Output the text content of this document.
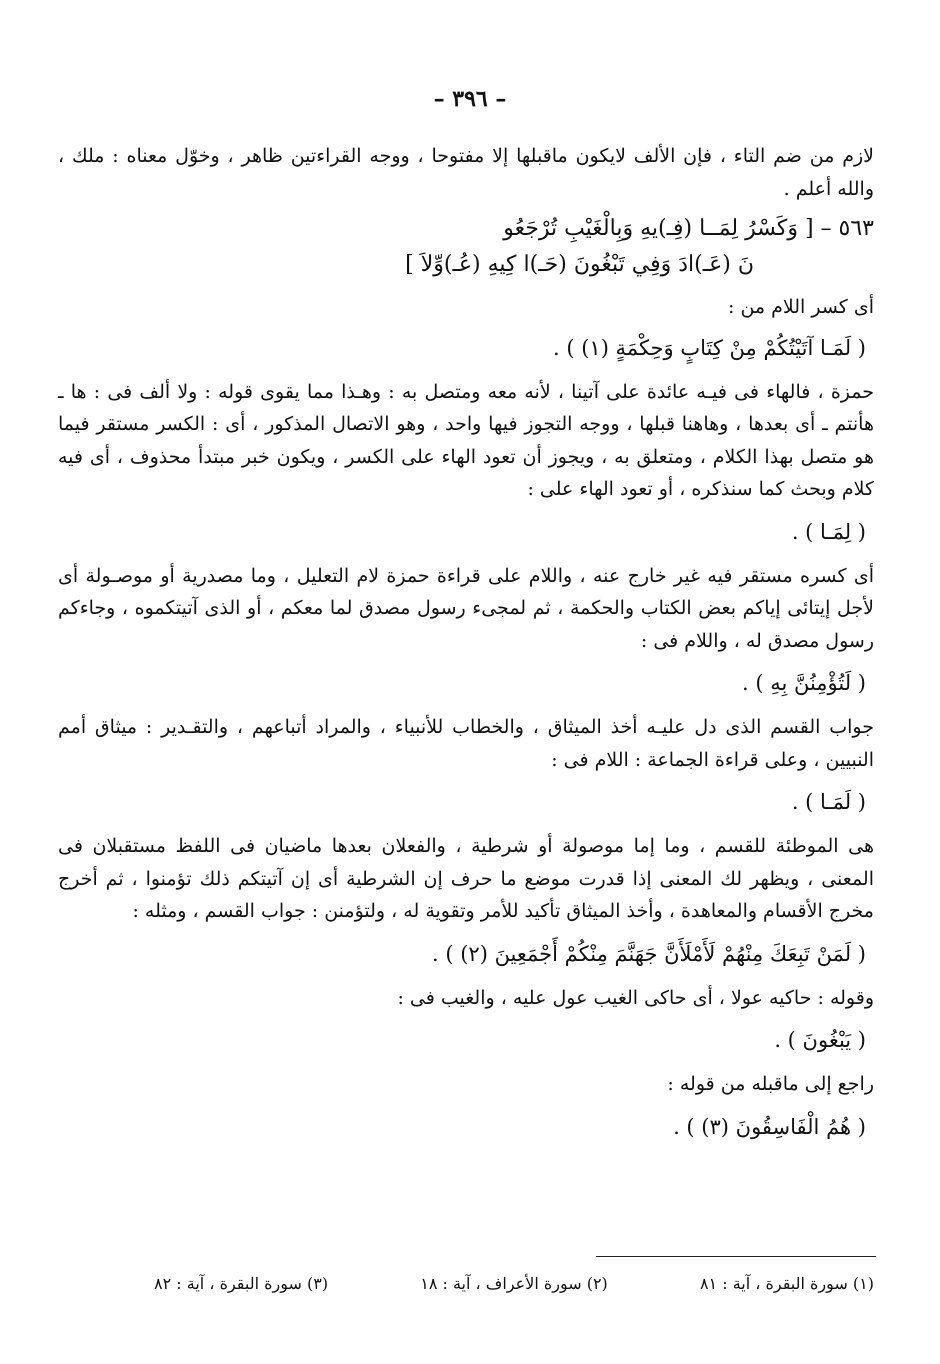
– ٣٩٦ –

لازم من ضم التاء ، فإن الألف لايكون ماقبلها إلا مفتوحا ، ووجه القراءتين ظاهر ، وخوّل معناه : ملك ، والله أعلم .

٥٦٣ – [ وَكَسْرُ لِمَــا (فِـ)يهِ وَبِالْغَيْبِ تُرْجَعُو
نَ (عَـ)ادَ وَفِي تَبْغُونَ (حَـ)ا كِيهِ (عُـ)وِّلاَ ]

أى كسر اللام من :

( لَمَـا آتَيْتُكُمْ مِنْ كِتَابٍ وَحِكْمَةٍ (١) ) .

حمزة ، فالهاء فى فيـه عائدة على آتينا ، لأنه معه ومتصل به : وهـذا مما يقوى قوله : ولا ألف فى : ها ـ هأنتم ـ أى بعدها ، وهاهنا قبلها ، ووجه التجوز فيها واحد ، وهو الاتصال المذكور ، أى : الكسر مستقر فيما هو متصل بهذا الكلام ، ومتعلق به ، ويجوز أن تعود الهاء على الكسر ، ويكون خبر مبتدأ محذوف ، أى فيه كلام وبحث كما سنذكره ، أو تعود الهاء على :

( لِمَـا ) .

أى كسره مستقر فيه غير خارج عنه ، واللام على قراءة حمزة لام التعليل ، وما مصدرية أو موصـولة أى لأجل إيتائى إياكم بعض الكتاب والحكمة ، ثم لمجىء رسول مصدق لما معكم ، أو الذى آتيتكموه ، وجاءكم رسول مصدق له ، واللام فى :

( لَتُؤْمِنُنَّ بِهِ ) .

جواب القسم الذى دل عليـه أخذ الميثاق ، والخطاب للأنبياء ، والمراد أتباعهم ، والتقـدير : ميثاق أمم النبيين ، وعلى قراءة الجماعة : اللام فى :

( لَمَـا ) .

هى الموطئة للقسم ، وما إما موصولة أو شرطية ، والفعلان بعدها ماضيان فى اللفظ مستقبلان فى المعنى ، ويظهر لك المعنى إذا قدرت موضع ما حرف إن الشرطية أى إن آتيتكم ذلك تؤمنوا ، ثم أخرج مخرج الأقسام والمعاهدة ، وأخذ الميثاق تأكيد للأمر وتقوية له ، ولتؤمنن : جواب القسم ، ومثله :

( لَمَنْ تَبِعَكَ مِنْهُمْ لَأَمْلَأَنَّ جَهَنَّمَ مِنْكُمْ أَجْمَعِينَ (٢) ) .

وقوله : حاكيه عولا ، أى حاكى الغيب عول عليه ، والغيب فى :

( يَبْغُونَ ) .

راجع إلى ماقبله من قوله :

( هُمُ الْفَاسِقُونَ (٣) ) .
(١) سورة البقرة ، آية : ٨١
(٢) سورة الأعراف ، آية : ١٨
(٣) سورة البقرة ، آية : ٨٢
